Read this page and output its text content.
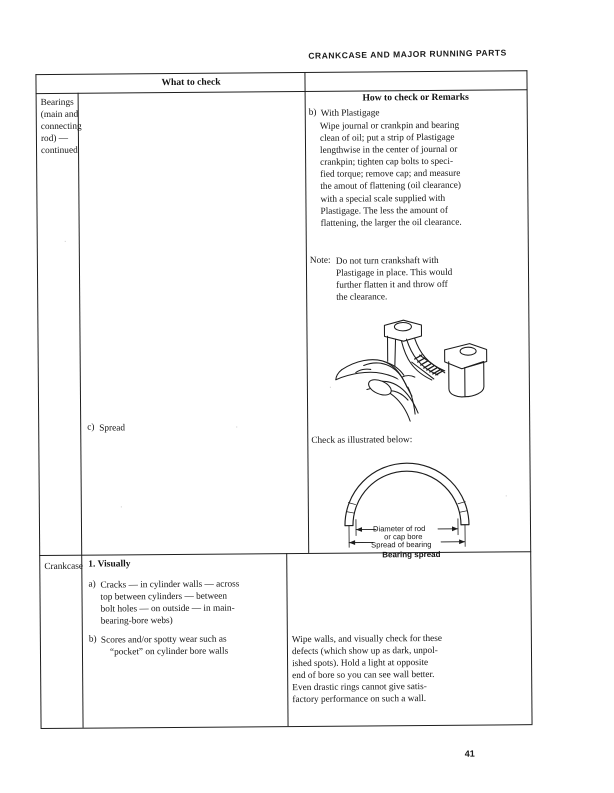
CRANKCASE AND MAJOR RUNNING PARTS
What to check
How to check or Remarks
Bearings
(main and
connecting
rod) —
continued
c) Spread
b) With Plastigage
Wipe journal or crankpin and bearing
clean of oil; put a strip of Plastigage
lengthwise in the center of journal or
crankpin; tighten cap bolts to speci-
fied torque; remove cap; and measure
the amout of flattening (oil clearance)
with a special scale supplied with
Plastigage. The less the amount of
flattening, the larger the oil clearance.
Note: Do not turn crankshaft with
Plastigage in place. This would
further flatten it and throw off
the clearance.
Check as illustrated below:
Diameter of rod
or cap bore
Spread of bearing
Bearing spread
Crankcase 1. Visually
a) Cracks — in cylinder walls — across
top between cylinders — between
bolt holes — on outside — in main-
bearing-bore webs)
b) Scores and/or spotty wear such as
“pocket” on cylinder bore walls
Wipe walls, and visually check for these
defects (which show up as dark, unpol-
ished spots). Hold a light at opposite
end of bore so you can see wall better.
Even drastic rings cannot give satis-
factory performance on such a wall.
41
